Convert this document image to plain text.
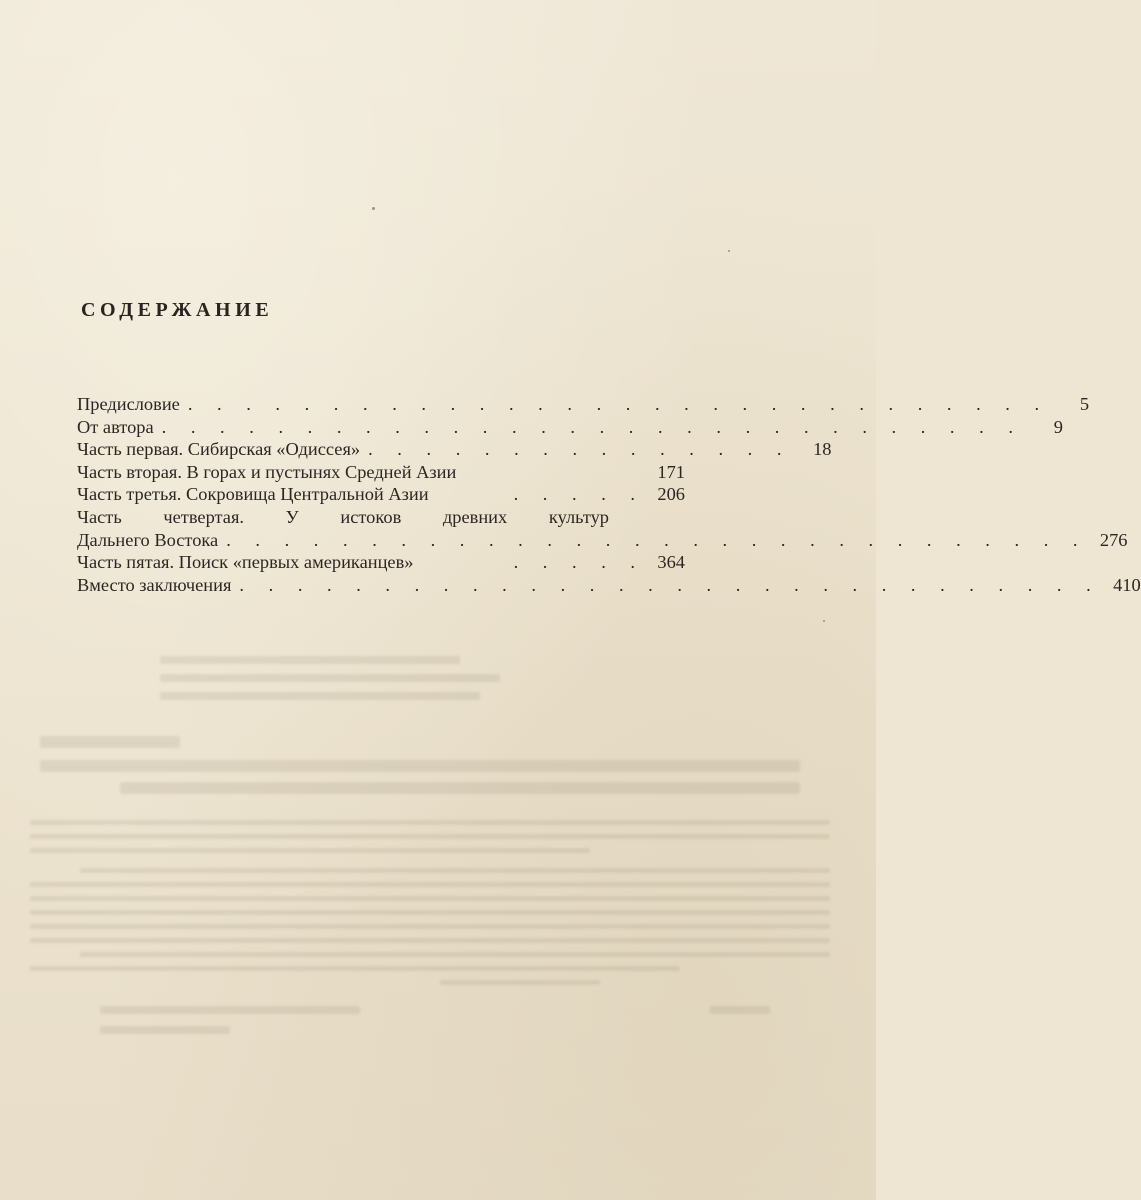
СОДЕРЖАНИЕ
Предисловие . . . . . . . . . . . . . . . . . . . . . . . . . . . . . .	5
От автора . . . . . . . . . . . . . . . . . . . . . . . . . . . . . .	9
Часть первая. Сибирская «Одиссея» . . . . . . . . . . . . . . .	18
Часть вторая. В горах и пустынях Средней Азии	171
Часть третья. Сокровища Центральной Азии	. . . . . 206
Часть четвертая. У истоков древних культур
Дальнего Востока . . . . . . . . . . . . . . . . . . . . . . . . . . . . . . 276
Часть пятая. Поиск «первых американцев»	. . . . . 364
Вместо заключения . . . . . . . . . . . . . . . . . . . . . . . . . . . . . . 410
